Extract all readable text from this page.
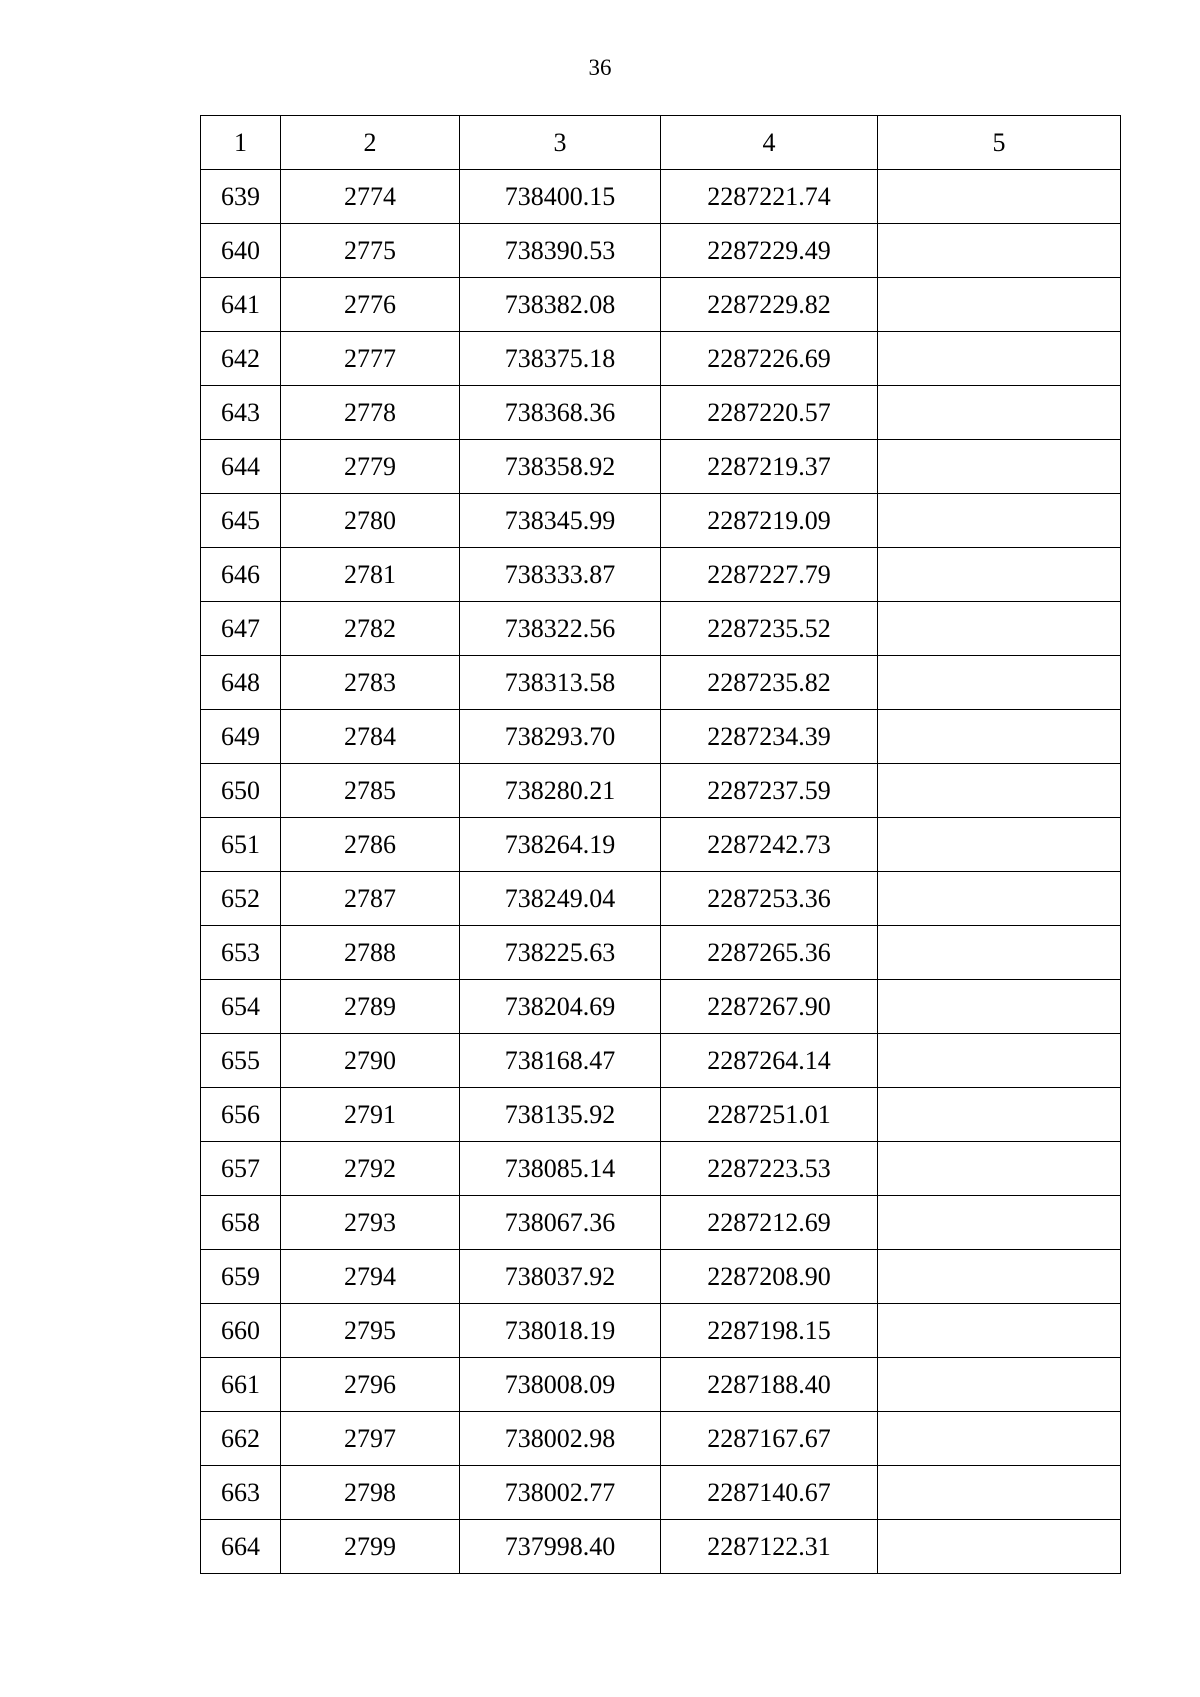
36
1	2	3	4	5
639	2774	738400.15	2287221.74	
640	2775	738390.53	2287229.49	
641	2776	738382.08	2287229.82	
642	2777	738375.18	2287226.69	
643	2778	738368.36	2287220.57	
644	2779	738358.92	2287219.37	
645	2780	738345.99	2287219.09	
646	2781	738333.87	2287227.79	
647	2782	738322.56	2287235.52	
648	2783	738313.58	2287235.82	
649	2784	738293.70	2287234.39	
650	2785	738280.21	2287237.59	
651	2786	738264.19	2287242.73	
652	2787	738249.04	2287253.36	
653	2788	738225.63	2287265.36	
654	2789	738204.69	2287267.90	
655	2790	738168.47	2287264.14	
656	2791	738135.92	2287251.01	
657	2792	738085.14	2287223.53	
658	2793	738067.36	2287212.69	
659	2794	738037.92	2287208.90	
660	2795	738018.19	2287198.15	
661	2796	738008.09	2287188.40	
662	2797	738002.98	2287167.67	
663	2798	738002.77	2287140.67	
664	2799	737998.40	2287122.31	
